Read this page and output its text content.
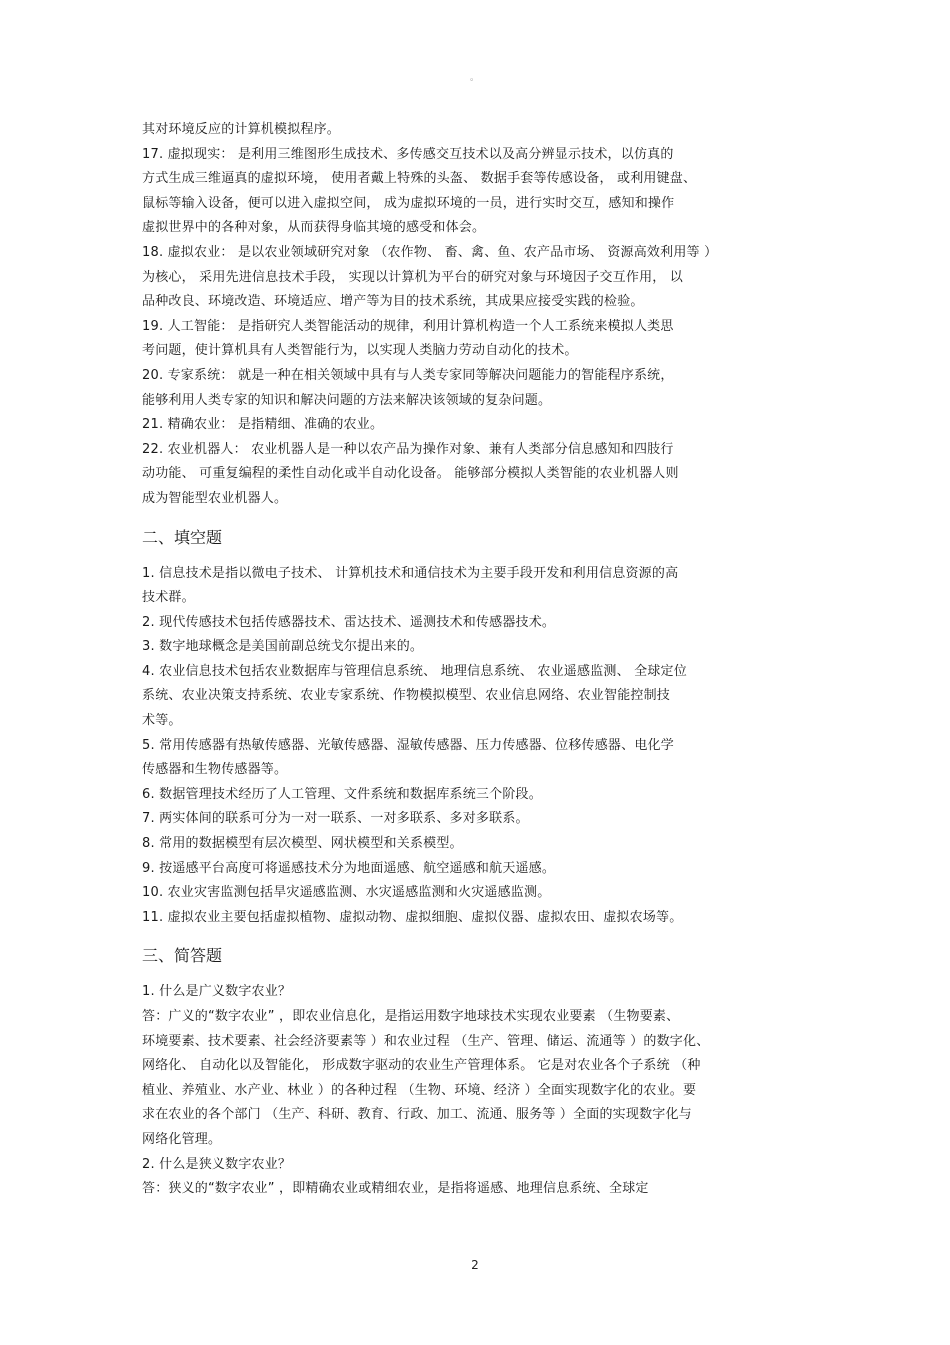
。
其对环境反应的计算机模拟程序。
17. 虚拟现实： 是利用三维图形生成技术、多传感交互技术以及高分辨显示技术，以仿真的
方式生成三维逼真的虚拟环境， 使用者戴上特殊的头盔、 数据手套等传感设备， 或利用键盘、
鼠标等输入设备，便可以进入虚拟空间， 成为虚拟环境的一员，进行实时交互，感知和操作
虚拟世界中的各种对象，从而获得身临其境的感受和体会。
18. 虚拟农业： 是以农业领域研究对象 （农作物、 畜、禽、鱼、农产品市场、 资源高效利用等 ）
为核心， 采用先进信息技术手段， 实现以计算机为平台的研究对象与环境因子交互作用， 以
品种改良、环境改造、环境适应、增产等为目的技术系统，其成果应接受实践的检验。
19. 人工智能： 是指研究人类智能活动的规律，利用计算机构造一个人工系统来模拟人类思
考问题，使计算机具有人类智能行为，以实现人类脑力劳动自动化的技术。
20. 专家系统： 就是一种在相关领域中具有与人类专家同等解决问题能力的智能程序系统，
能够利用人类专家的知识和解决问题的方法来解决该领域的复杂问题。
21. 精确农业： 是指精细、准确的农业。
22. 农业机器人： 农业机器人是一种以农产品为操作对象、兼有人类部分信息感知和四肢行
动功能、 可重复编程的柔性自动化或半自动化设备。 能够部分模拟人类智能的农业机器人则
成为智能型农业机器人。
二、填空题
1. 信息技术是指以微电子技术、 计算机技术和通信技术为主要手段开发和利用信息资源的高
技术群。
2. 现代传感技术包括传感器技术、雷达技术、遥测技术和传感器技术。
3. 数字地球概念是美国前副总统戈尔提出来的。
4. 农业信息技术包括农业数据库与管理信息系统、 地理信息系统、 农业遥感监测、 全球定位
系统、农业决策支持系统、农业专家系统、作物模拟模型、农业信息网络、农业智能控制技
术等。
5. 常用传感器有热敏传感器、光敏传感器、湿敏传感器、压力传感器、位移传感器、电化学
传感器和生物传感器等。
6. 数据管理技术经历了人工管理、文件系统和数据库系统三个阶段。
7. 两实体间的联系可分为一对一联系、一对多联系、多对多联系。
8. 常用的数据模型有层次模型、网状模型和关系模型。
9. 按遥感平台高度可将遥感技术分为地面遥感、航空遥感和航天遥感。
10. 农业灾害监测包括旱灾遥感监测、水灾遥感监测和火灾遥感监测。
11. 虚拟农业主要包括虚拟植物、虚拟动物、虚拟细胞、虚拟仪器、虚拟农田、虚拟农场等。
三、简答题
1. 什么是广义数字农业？
答：广义的“数字农业” ，即农业信息化，是指运用数字地球技术实现农业要素 （生物要素、
环境要素、技术要素、社会经济要素等 ）和农业过程 （生产、管理、储运、流通等 ）的数字化、
网络化、 自动化以及智能化， 形成数字驱动的农业生产管理体系。 它是对农业各个子系统 （种
植业、养殖业、水产业、林业 ）的各种过程 （生物、环境、经济 ）全面实现数字化的农业。要
求在农业的各个部门 （生产、科研、教育、行政、加工、流通、服务等 ）全面的实现数字化与
网络化管理。
2. 什么是狭义数字农业？
答：狭义的“数字农业” ，即精确农业或精细农业，是指将遥感、地理信息系统、全球定
2
